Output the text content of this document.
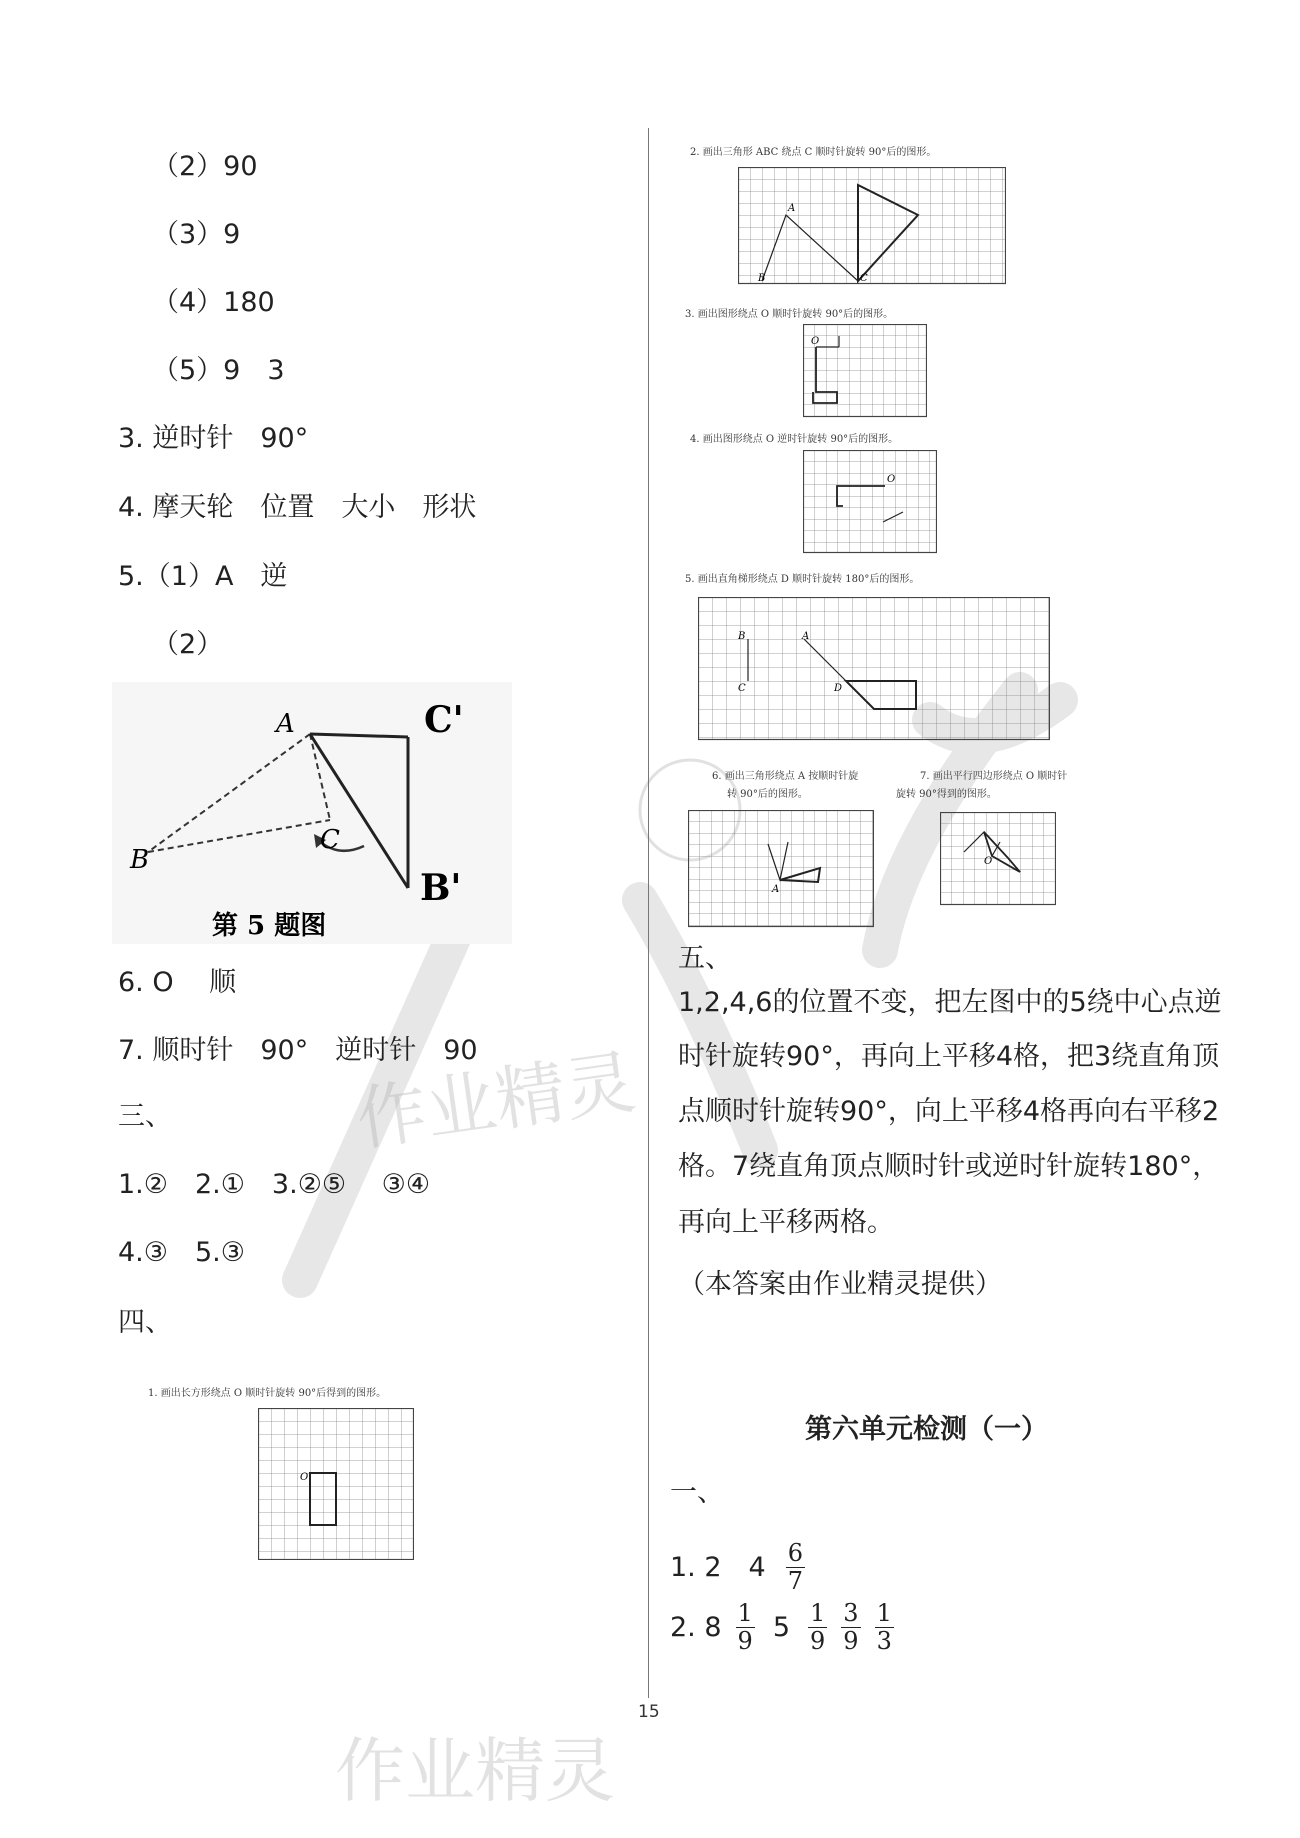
作业精灵
作业精灵
（2）90
（3）9
（4）180
（5）9　3
3. 逆时针　90°
4. 摩天轮　位置　大小　形状
5.（1）A　逆
（2）
A
B
C
C'
B'
第 5 题图
6. O　 顺
7. 顺时针　90°　逆时针　90
三、
1.②　2.①　3.②⑤　 ③④
4.③　5.③
四、
1. 画出长方形绕点 O 顺时针旋转 90°后得到的图形。
O
2. 画出三角形 ABC 绕点 C 顺时针旋转 90°后的图形。
A
B	C
3. 画出图形绕点 O 顺时针旋转 90°后的图形。
O
4. 画出图形绕点 O 逆时针旋转 90°后的图形。
O
5. 画出直角梯形绕点 D 顺时针旋转 180°后的图形。
B	A
C	D
6. 画出三角形绕点 A 按顺时针旋
转 90°后的图形。
A
7. 画出平行四边形绕点 O 顺时针
旋转 90°得到的图形。
O
五、
1,2,4,6的位置不变，把左图中的5绕中心点逆
时针旋转90°，再向上平移4格，把3绕直角顶
点顺时针旋转90°，向上平移4格再向右平移2
格。7绕直角顶点顺时针或逆时针旋转180°，
再向上平移两格。
（本答案由作业精灵提供）
第六单元检测（一）
一、
1. 2　$4 \frac{6}{7}$
2. $8 \frac{1}{9} 5 \frac{1}{9} \frac{3}{9} \frac{1}{3}$
15
